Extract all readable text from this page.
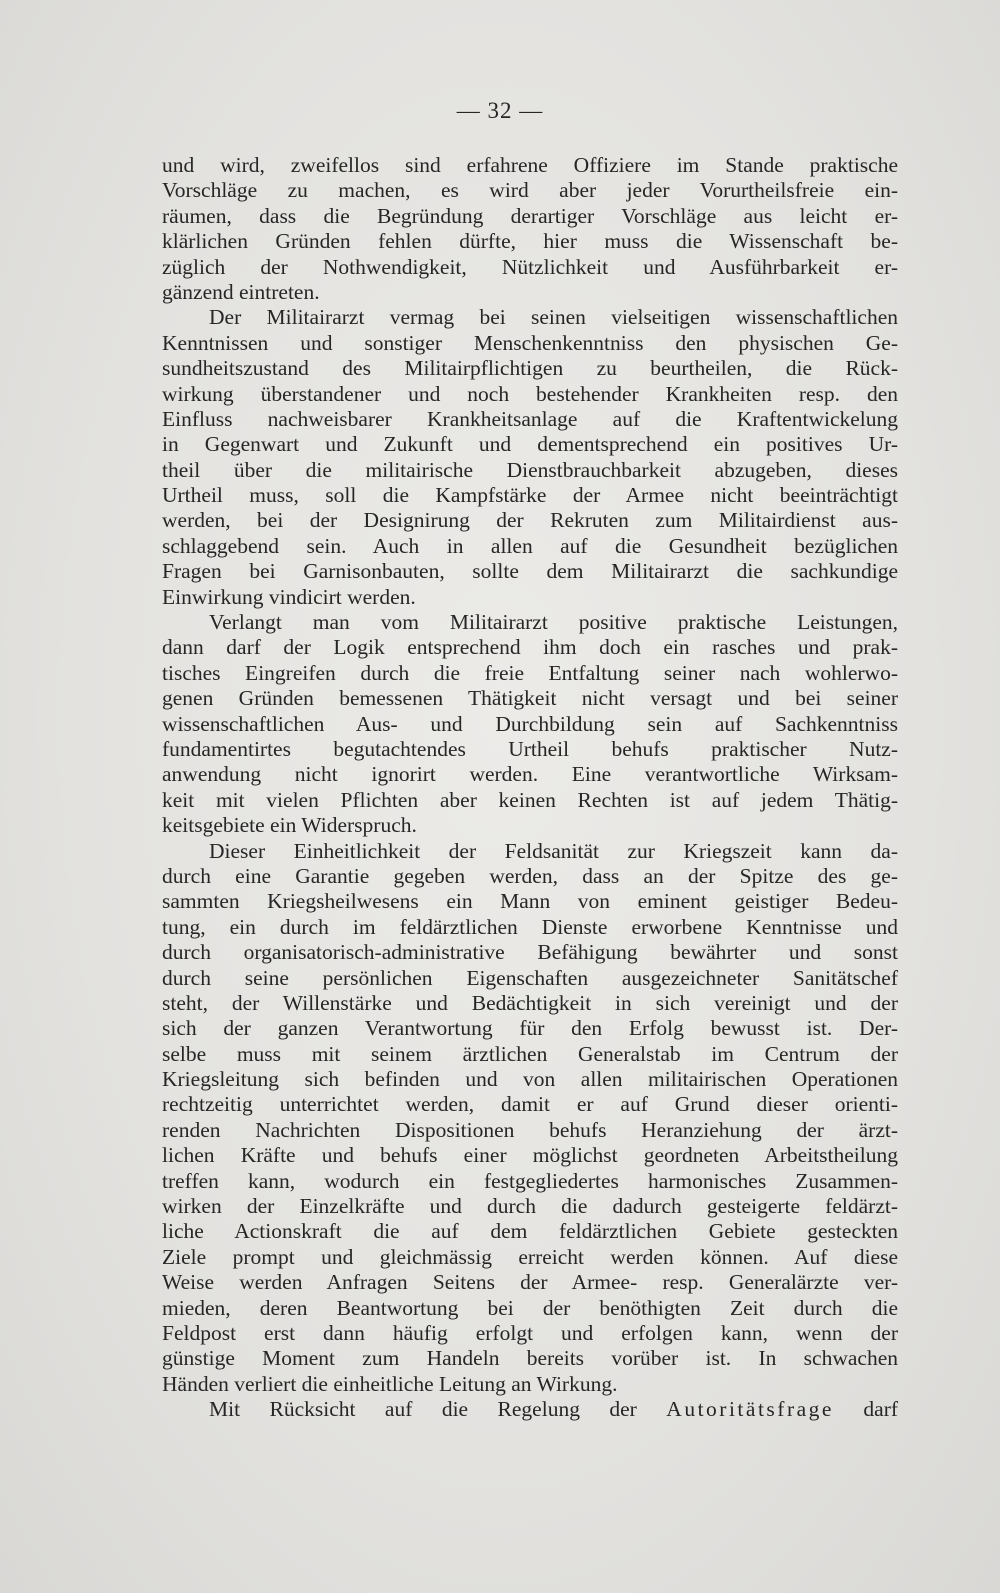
— 32 —
und wird, zweifellos sind erfahrene Offiziere im Stande praktische
Vorschläge zu machen, es wird aber jeder Vorurtheilsfreie ein-
räumen, dass die Begründung derartiger Vorschläge aus leicht er-
klärlichen Gründen fehlen dürfte, hier muss die Wissenschaft be-
züglich der Nothwendigkeit, Nützlichkeit und Ausführbarkeit er-
gänzend eintreten.
Der Militairarzt vermag bei seinen vielseitigen wissenschaftlichen
Kenntnissen und sonstiger Menschenkenntniss den physischen Ge-
sundheitszustand des Militairpflichtigen zu beurtheilen, die Rück-
wirkung überstandener und noch bestehender Krankheiten resp. den
Einfluss nachweisbarer Krankheitsanlage auf die Kraftentwickelung
in Gegenwart und Zukunft und dementsprechend ein positives Ur-
theil über die militairische Dienstbrauchbarkeit abzugeben, dieses
Urtheil muss, soll die Kampfstärke der Armee nicht beeinträchtigt
werden, bei der Designirung der Rekruten zum Militairdienst aus-
schlaggebend sein. Auch in allen auf die Gesundheit bezüglichen
Fragen bei Garnisonbauten, sollte dem Militairarzt die sachkundige
Einwirkung vindicirt werden.
Verlangt man vom Militairarzt positive praktische Leistungen,
dann darf der Logik entsprechend ihm doch ein rasches und prak-
tisches Eingreifen durch die freie Entfaltung seiner nach wohlerwo-
genen Gründen bemessenen Thätigkeit nicht versagt und bei seiner
wissenschaftlichen Aus- und Durchbildung sein auf Sachkenntniss
fundamentirtes begutachtendes Urtheil behufs praktischer Nutz-
anwendung nicht ignorirt werden. Eine verantwortliche Wirksam-
keit mit vielen Pflichten aber keinen Rechten ist auf jedem Thätig-
keitsgebiete ein Widerspruch.
Dieser Einheitlichkeit der Feldsanität zur Kriegszeit kann da-
durch eine Garantie gegeben werden, dass an der Spitze des ge-
sammten Kriegsheilwesens ein Mann von eminent geistiger Bedeu-
tung, ein durch im feldärztlichen Dienste erworbene Kenntnisse und
durch organisatorisch-administrative Befähigung bewährter und sonst
durch seine persönlichen Eigenschaften ausgezeichneter Sanitätschef
steht, der Willenstärke und Bedächtigkeit in sich vereinigt und der
sich der ganzen Verantwortung für den Erfolg bewusst ist. Der-
selbe muss mit seinem ärztlichen Generalstab im Centrum der
Kriegsleitung sich befinden und von allen militairischen Operationen
rechtzeitig unterrichtet werden, damit er auf Grund dieser orienti-
renden Nachrichten Dispositionen behufs Heranziehung der ärzt-
lichen Kräfte und behufs einer möglichst geordneten Arbeitstheilung
treffen kann, wodurch ein festgegliedertes harmonisches Zusammen-
wirken der Einzelkräfte und durch die dadurch gesteigerte feldärzt-
liche Actionskraft die auf dem feldärztlichen Gebiete gesteckten
Ziele prompt und gleichmässig erreicht werden können. Auf diese
Weise werden Anfragen Seitens der Armee- resp. Generalärzte ver-
mieden, deren Beantwortung bei der benöthigten Zeit durch die
Feldpost erst dann häufig erfolgt und erfolgen kann, wenn der
günstige Moment zum Handeln bereits vorüber ist. In schwachen
Händen verliert die einheitliche Leitung an Wirkung.
Mit Rücksicht auf die Regelung der Autoritätsfrage darf
